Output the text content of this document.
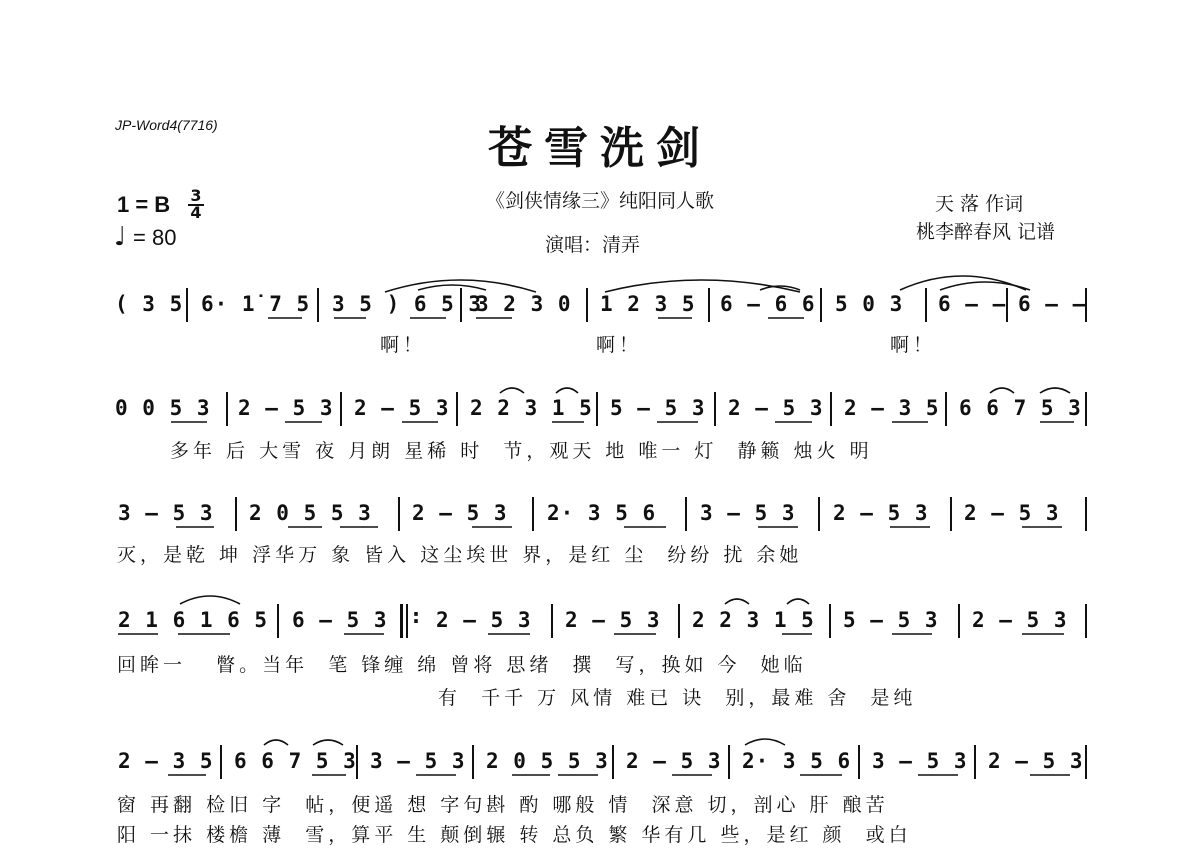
JP-Word4(7716)	苍雪洗剑
《剑侠情缘三》纯阳同人歌
演唱：清弄
1 = B 3
4
♩ = 80
天 落 作词
桃李醉春风 记谱
( 3 5 6· 1̇ 7 5 3 5 ) 6 5 3
3 2 3 0 1 2 3 5 6 – 6 6 5 0 3 6 – – 6 – –
啊！	啊！	啊！
0 0 5 3 2 – 5 3 2 – 5 3 2 2 3 1 5 5 – 5 3 2 – 5 3 2 – 3 5 6 6 7 5 3
多年 后 大雪 夜 月朗 星稀 时  节，观天 地 唯一 灯  静籁 烛火 明
3 – 5 3 2 0 5 5 3 2 – 5 3 2· 3 5 6 3 – 5 3 2 – 5 3 2 – 5 3
灭，是乾 坤 浮华万 象 皆入 这尘埃世 界，是红 尘  纷纷 扰 余她
2 1 6 1 6 5 6 – 5 3 : 2 – 5 3 2 – 5 3 2 2 3 1 5 5 – 5 3 2 – 5 3
回眸一   瞥。当年  笔 锋缠 绵 曾将 思绪  撰  写，换如 今  她临
有  千千 万 风情 难已 诀  别，最难 舍  是纯
2 – 3 5 6 6 7 5 3 3 – 5 3 2 0 5 5 3 2 – 5 3 2· 3 5 6 3 – 5 3 2 – 5 3
窗 再翻 检旧 字  帖，便遥 想 字句斟 酌 哪般 情  深意 切，剖心 肝 酿苦
阳 一抹 楼檐 薄  雪，算平 生 颠倒辗 转 总负 繁 华有几 些，是红 颜  或白
